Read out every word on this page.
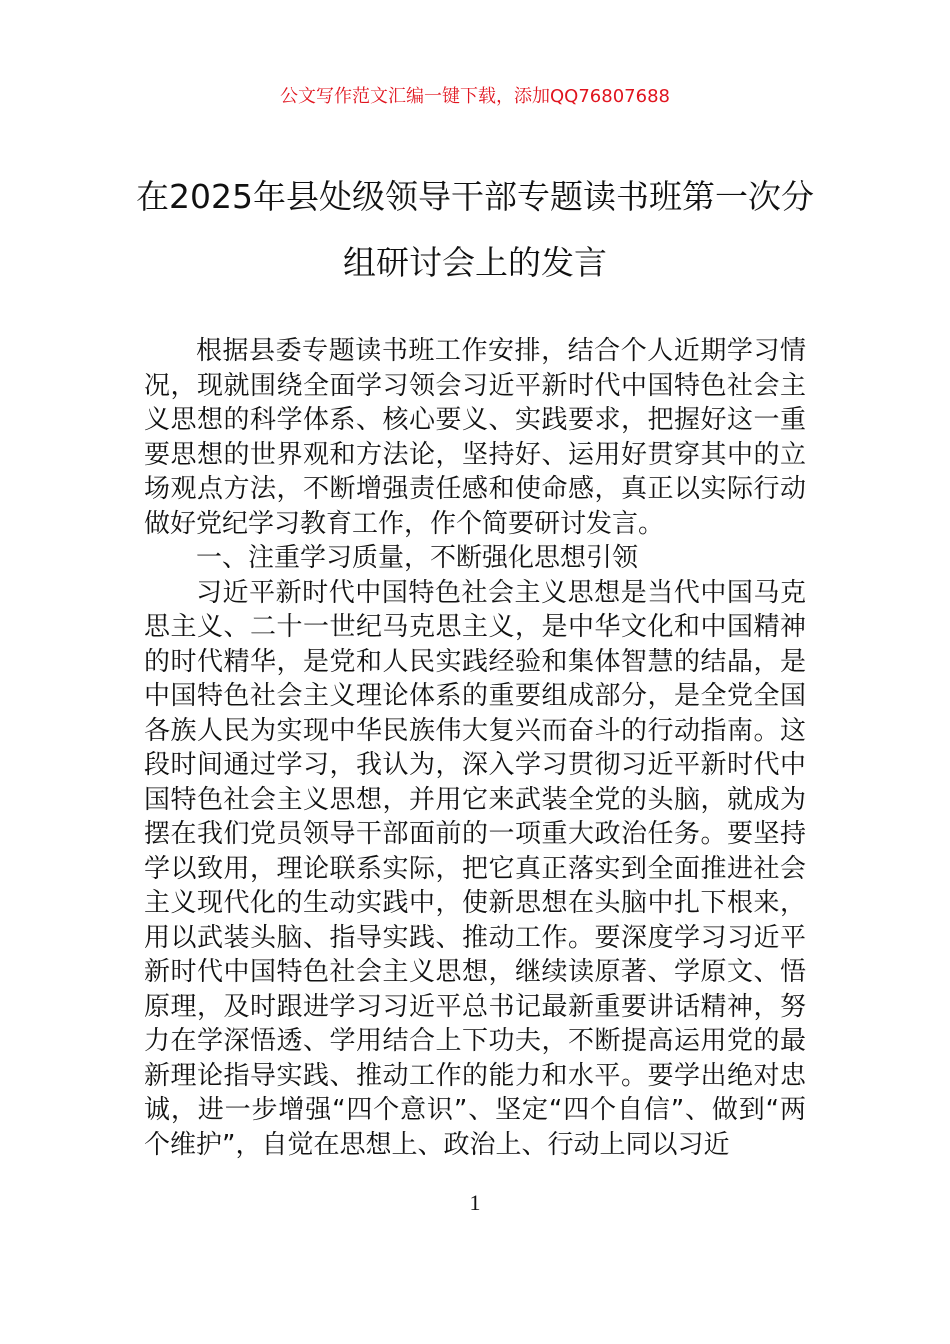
公文写作范文汇编一键下载，添加QQ76807688
在2025年县处级领导干部专题读书班第一次分组研讨会上的发言

根据县委专题读书班工作安排，结合个人近期学习情况，现就围绕全面学习领会习近平新时代中国特色社会主义思想的科学体系、核心要义、实践要求，把握好这一重要思想的世界观和方法论，坚持好、运用好贯穿其中的立场观点方法，不断增强责任感和使命感，真正以实际行动做好党纪学习教育工作，作个简要研讨发言。

一、注重学习质量，不断强化思想引领

习近平新时代中国特色社会主义思想是当代中国马克思主义、二十一世纪马克思主义，是中华文化和中国精神的时代精华，是党和人民实践经验和集体智慧的结晶，是中国特色社会主义理论体系的重要组成部分，是全党全国各族人民为实现中华民族伟大复兴而奋斗的行动指南。这段时间通过学习，我认为，深入学习贯彻习近平新时代中国特色社会主义思想，并用它来武装全党的头脑，就成为摆在我们党员领导干部面前的一项重大政治任务。要坚持学以致用，理论联系实际，把它真正落实到全面推进社会主义现代化的生动实践中，使新思想在头脑中扎下根来，用以武装头脑、指导实践、推动工作。要深度学习习近平新时代中国特色社会主义思想，继续读原著、学原文、悟原理，及时跟进学习习近平总书记最新重要讲话精神，努力在学深悟透、学用结合上下功夫，不断提高运用党的最新理论指导实践、推动工作的能力和水平。要学出绝对忠诚，进一步增强“四个意识”、坚定“四个自信”、做到“两个维护”，自觉在思想上、政治上、行动上同以习近

1
